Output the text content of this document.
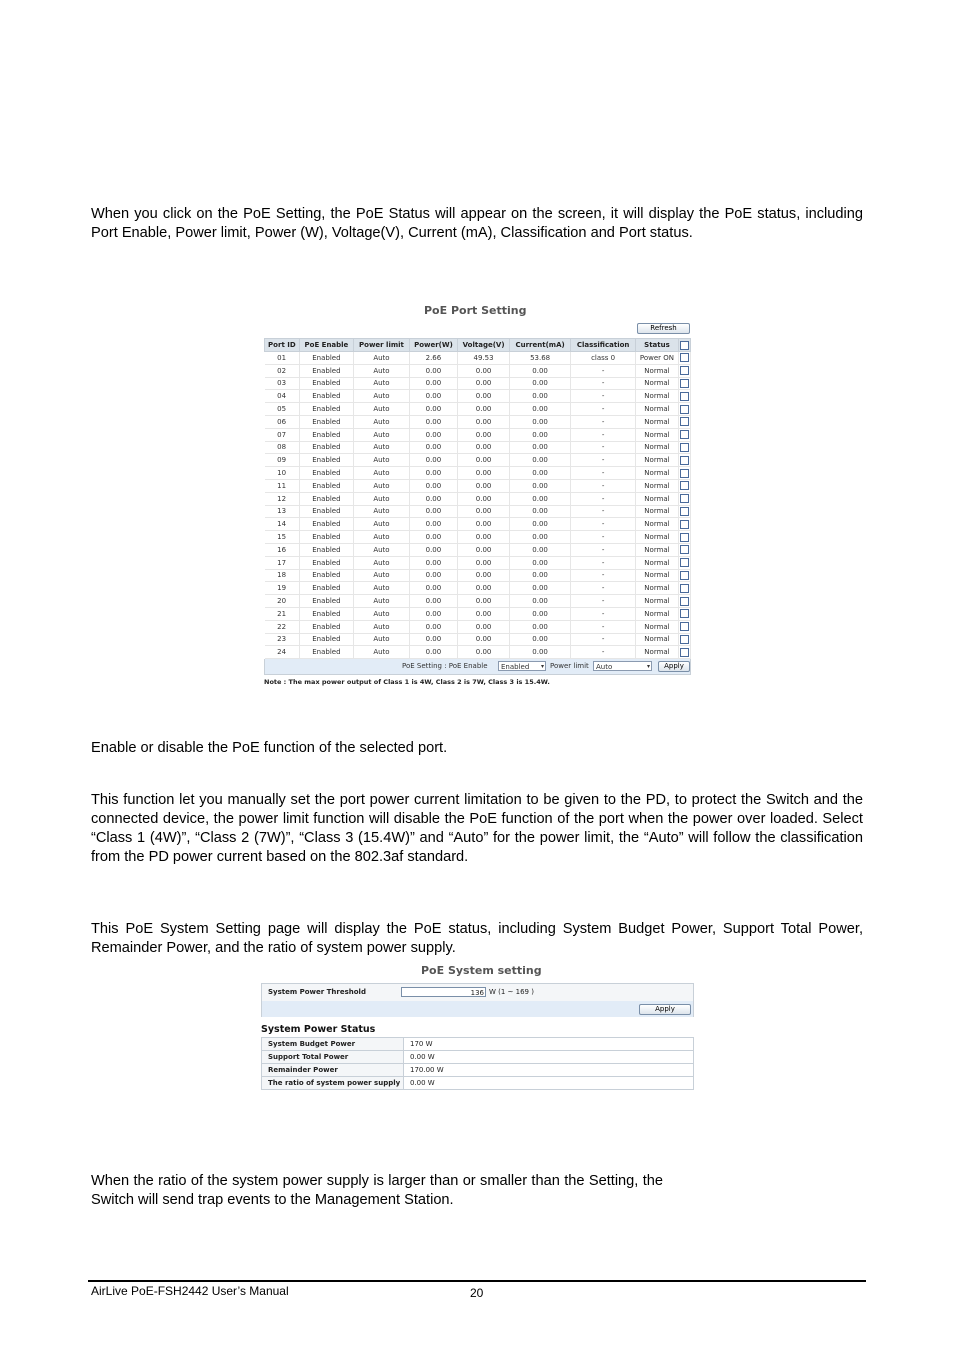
When you click on the PoE Setting, the PoE Status will appear on the screen, it will display the PoE status, including Port Enable, Power limit, Power (W), Voltage(V), Current (mA), Classification and Port status.

PoE Port Setting
Refresh
Port ID	PoE Enable	Power limit	Power(W)	Voltage(V)	Current(mA)	Classification	Status	
01	Enabled	Auto	2.66	49.53	53.68	class 0	Power ON	
02	Enabled	Auto	0.00	0.00	0.00	-	Normal	
03	Enabled	Auto	0.00	0.00	0.00	-	Normal	
04	Enabled	Auto	0.00	0.00	0.00	-	Normal	
05	Enabled	Auto	0.00	0.00	0.00	-	Normal	
06	Enabled	Auto	0.00	0.00	0.00	-	Normal	
07	Enabled	Auto	0.00	0.00	0.00	-	Normal	
08	Enabled	Auto	0.00	0.00	0.00	-	Normal	
09	Enabled	Auto	0.00	0.00	0.00	-	Normal	
10	Enabled	Auto	0.00	0.00	0.00	-	Normal	
11	Enabled	Auto	0.00	0.00	0.00	-	Normal	
12	Enabled	Auto	0.00	0.00	0.00	-	Normal	
13	Enabled	Auto	0.00	0.00	0.00	-	Normal	
14	Enabled	Auto	0.00	0.00	0.00	-	Normal	
15	Enabled	Auto	0.00	0.00	0.00	-	Normal	
16	Enabled	Auto	0.00	0.00	0.00	-	Normal	
17	Enabled	Auto	0.00	0.00	0.00	-	Normal	
18	Enabled	Auto	0.00	0.00	0.00	-	Normal	
19	Enabled	Auto	0.00	0.00	0.00	-	Normal	
20	Enabled	Auto	0.00	0.00	0.00	-	Normal	
21	Enabled	Auto	0.00	0.00	0.00	-	Normal	
22	Enabled	Auto	0.00	0.00	0.00	-	Normal	
23	Enabled	Auto	0.00	0.00	0.00	-	Normal	
24	Enabled	Auto	0.00	0.00	0.00	-	Normal	
PoE Setting : PoE Enable	Enabled ▾ Power limit	Auto	▾	Apply
Note : The max power output of Class 1 is 4W, Class 2 is 7W, Class 3 is 15.4W.

Enable or disable the PoE function of the selected port.

This function let you manually set the port power current limitation to be given to the PD, to protect the Switch and the connected device, the power limit function will disable the PoE function of the port when the power over loaded. Select “Class 1 (4W)”, “Class 2 (7W)”, “Class 3 (15.4W)” and “Auto” for the power limit, the “Auto” will follow the classification from the PD power current based on the 802.3af standard.

This PoE System Setting page will display the PoE status, including System Budget Power, Support Total Power, Remainder Power, and the ratio of system power supply.

PoE System setting
System Power Threshold	136 W (1 ~ 169 )
Apply
System Power Status
System Budget Power	170 W
Support Total Power	0.00 W
Remainder Power	170.00 W
The ratio of system power supply	0.00 W

When the ratio of the system power supply is larger than or smaller than the Setting, the Switch will send trap events to the Management Station.

AirLive PoE-FSH2442 User’s Manual	20
